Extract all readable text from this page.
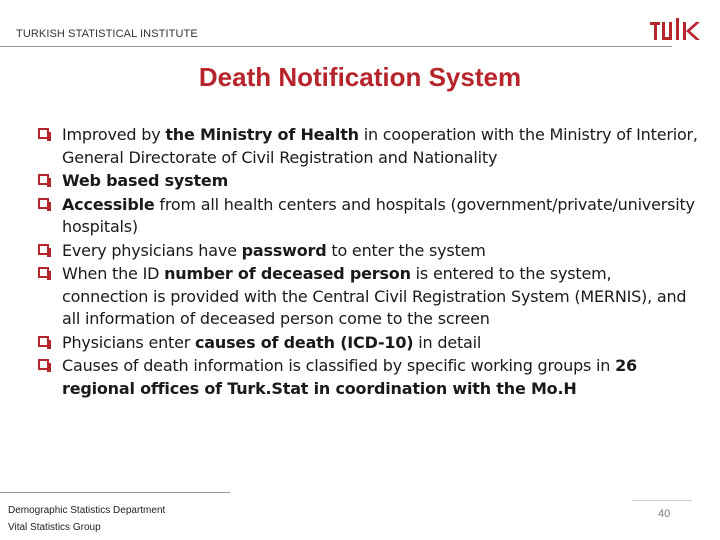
TURKISH STATISTICAL INSTITUTE
Death Notification System
Improved by the Ministry of Health in cooperation with the Ministry of Interior, General Directorate of Civil Registration and Nationality
Web based system
Accessible from all health centers and hospitals (government/private/university hospitals)
Every physicians have password to enter the system
When the ID number of deceased person is entered to the system, connection is provided with the Central Civil Registration System (MERNIS), and all information of deceased person come to the screen
Physicians enter causes of death (ICD-10) in detail
Causes of death information is classified by specific working groups in 26 regional offices of Turk.Stat in coordination with the Mo.H
Demographic Statistics Department
Vital Statistics Group
40
